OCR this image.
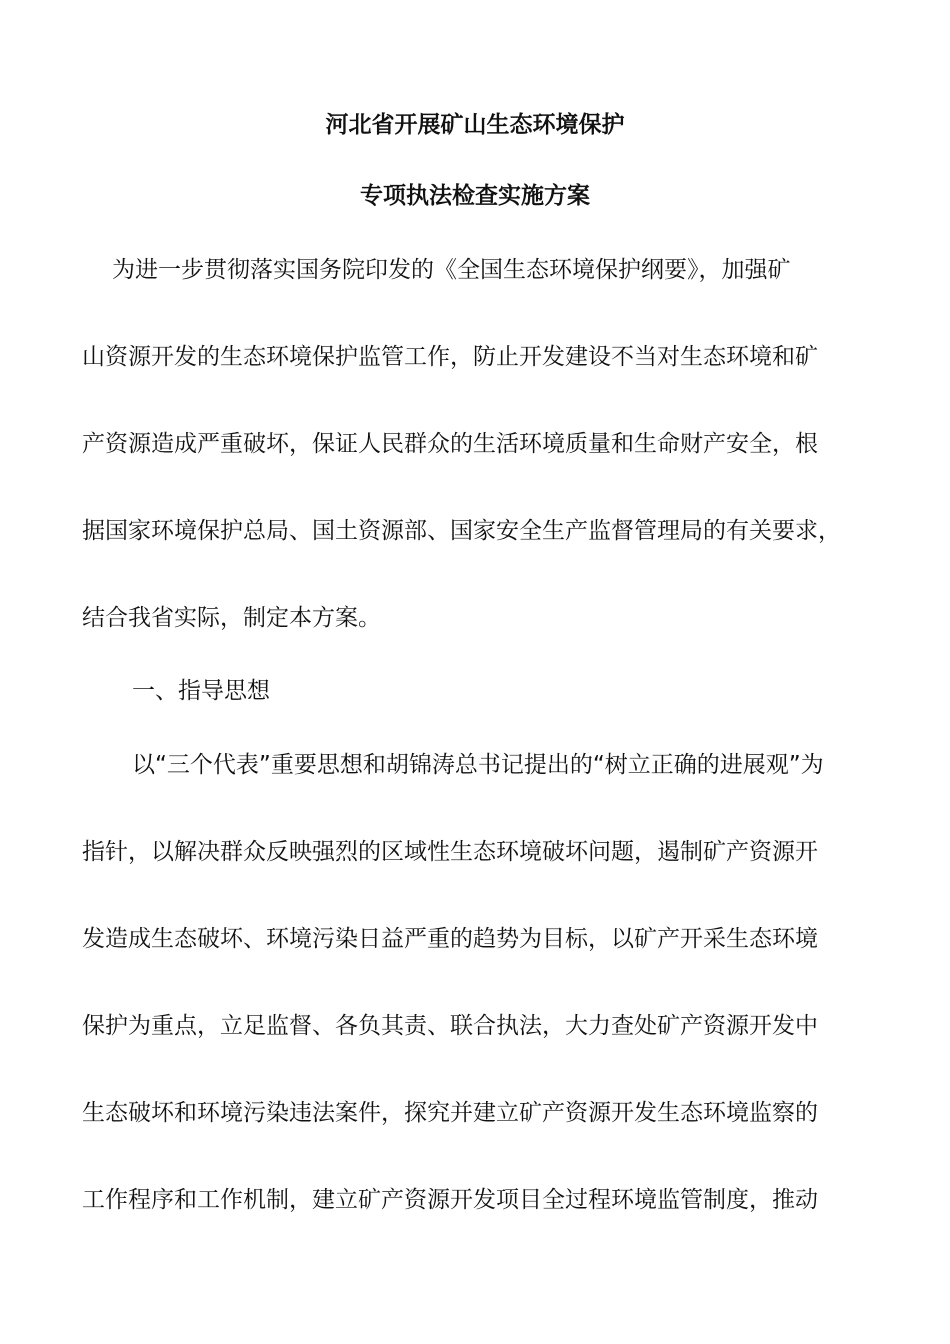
河北省开展矿山生态环境保护
专项执法检查实施方案
为进一步贯彻落实国务院印发的《全国生态环境保护纲要》，加强矿
山资源开发的生态环境保护监管工作，防止开发建设不当对生态环境和矿
产资源造成严重破坏，保证人民群众的生活环境质量和生命财产安全，根
据国家环境保护总局、国土资源部、国家安全生产监督管理局的有关要求，
结合我省实际，制定本方案。
一、指导思想
以“三个代表”重要思想和胡锦涛总书记提出的“树立正确的进展观”为
指针，以解决群众反映强烈的区域性生态环境破坏问题，遏制矿产资源开
发造成生态破坏、环境污染日益严重的趋势为目标，以矿产开采生态环境
保护为重点，立足监督、各负其责、联合执法，大力查处矿产资源开发中
生态破坏和环境污染违法案件，探究并建立矿产资源开发生态环境监察的
工作程序和工作机制，建立矿产资源开发项目全过程环境监管制度，推动
